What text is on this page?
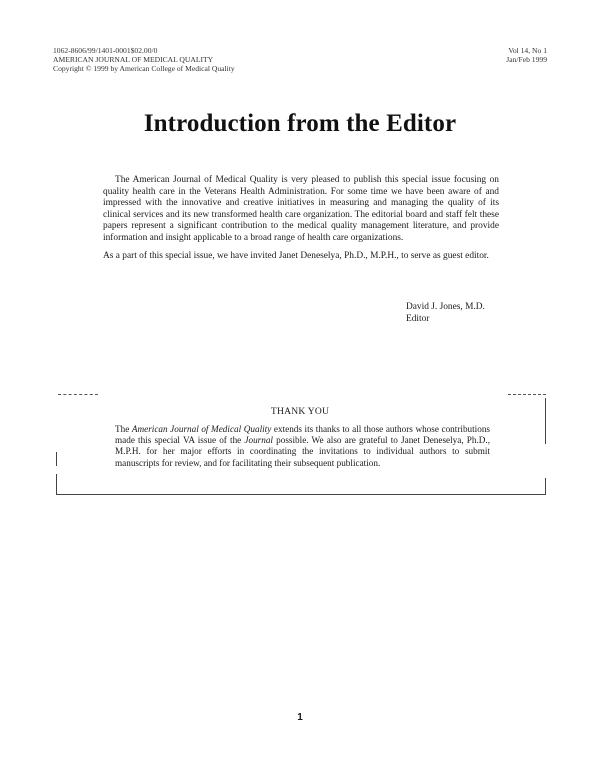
1062-8606/99/1401-0001$02.00/0
AMERICAN JOURNAL OF MEDICAL QUALITY
Copyright © 1999 by American College of Medical Quality
Vol 14, No 1
Jan/Feb 1999
Introduction from the Editor

The American Journal of Medical Quality is very pleased to publish this special issue focusing on quality health care in the Veterans Health Administration. For some time we have been aware of and impressed with the innovative and creative initiatives in measuring and managing the quality of its clinical services and its new transformed health care organization. The editorial board and staff felt these papers represent a significant contribution to the medical quality management literature, and provide information and insight applicable to a broad range of health care organizations.

As a part of this special issue, we have invited Janet Deneselya, Ph.D., M.P.H., to serve as guest editor.

David J. Jones, M.D.
Editor
THANK YOU
The American Journal of Medical Quality extends its thanks to all those authors whose contributions made this special VA issue of the Journal possible. We also are grateful to Janet Deneselya, Ph.D., M.P.H. for her major efforts in coordinating the invitations to individual authors to submit manuscripts for review, and for facilitating their subsequent publication.
1
